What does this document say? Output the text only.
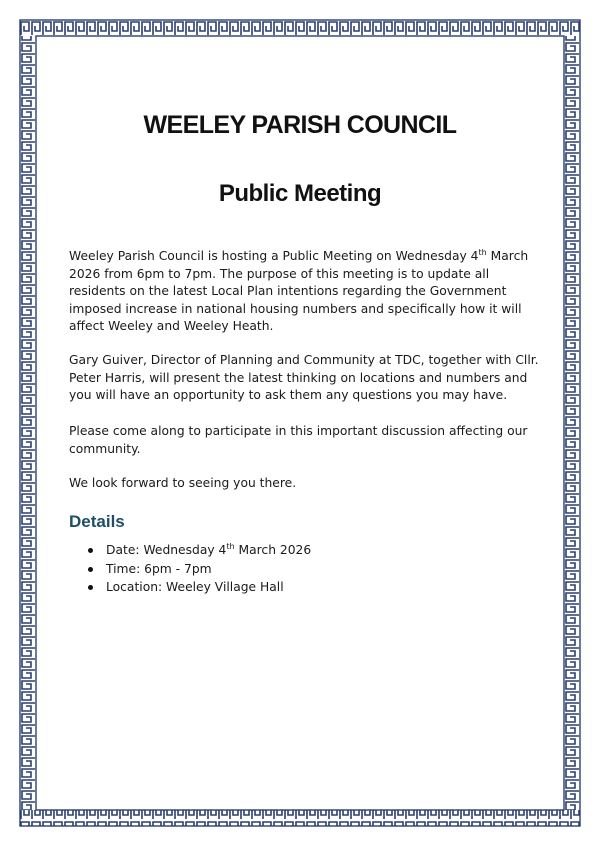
WEELEY PARISH COUNCIL
Public Meeting

Weeley Parish Council is hosting a Public Meeting on Wednesday 4th March 2026 from 6pm to 7pm. The purpose of this meeting is to update all residents on the latest Local Plan intentions regarding the Government imposed increase in national housing numbers and specifically how it will affect Weeley and Weeley Heath.

Gary Guiver, Director of Planning and Community at TDC, together with Cllr. Peter Harris, will present the latest thinking on locations and numbers and you will have an opportunity to ask them any questions you may have.

Please come along to participate in this important discussion affecting our community.

We look forward to seeing you there.

Details
Date: Wednesday 4th March 2026
Time: 6pm - 7pm
Location: Weeley Village Hall
